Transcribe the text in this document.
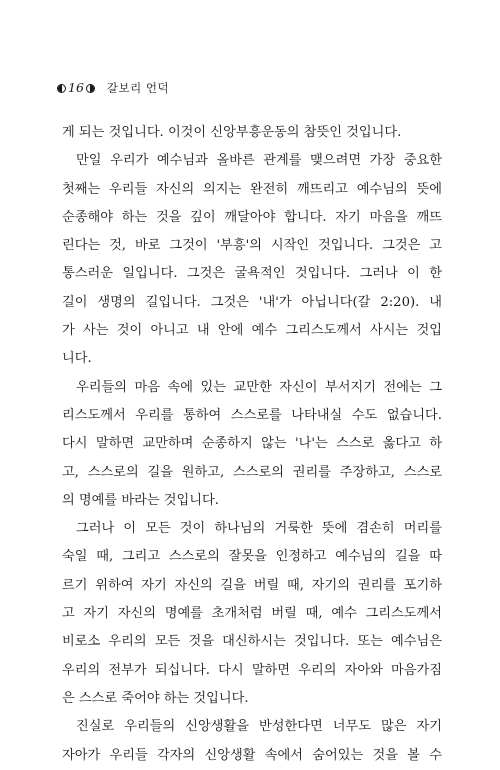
16 갈보리 언덕
게 되는 것입니다. 이것이 신앙부흥운동의 참뜻인 것입니다.
만일 우리가 예수님과 올바른 관계를 맺으려면 가장 중요한
첫째는 우리들 자신의 의지는 완전히 깨뜨리고 예수님의 뜻에
순종해야 하는 것을 깊이 깨달아야 합니다. 자기 마음을 깨뜨
린다는 것, 바로 그것이 '부흥'의 시작인 것입니다. 그것은 고
통스러운 일입니다. 그것은 굴욕적인 것입니다. 그러나 이 한
길이 생명의 길입니다. 그것은 '내'가 아닙니다(갈 2:20). 내
가 사는 것이 아니고 내 안에 예수 그리스도께서 사시는 것입
니다.
우리들의 마음 속에 있는 교만한 자신이 부서지기 전에는 그
리스도께서 우리를 통하여 스스로를 나타내실 수도 없습니다.
다시 말하면 교만하며 순종하지 않는 '나'는 스스로 옳다고 하
고, 스스로의 길을 원하고, 스스로의 권리를 주장하고, 스스로
의 명예를 바라는 것입니다.
그러나 이 모든 것이 하나님의 거룩한 뜻에 겸손히 머리를
숙일 때, 그리고 스스로의 잘못을 인정하고 예수님의 길을 따
르기 위하여 자기 자신의 길을 버릴 때, 자기의 권리를 포기하
고 자기 자신의 명예를 초개처럼 버릴 때, 예수 그리스도께서
비로소 우리의 모든 것을 대신하시는 것입니다. 또는 예수님은
우리의 전부가 되십니다. 다시 말하면 우리의 자아와 마음가짐
은 스스로 죽어야 하는 것입니다.
진실로 우리들의 신앙생활을 반성한다면 너무도 많은 자기
자아가 우리들 각자의 신앙생활 속에서 숨어있는 것을 볼 수
